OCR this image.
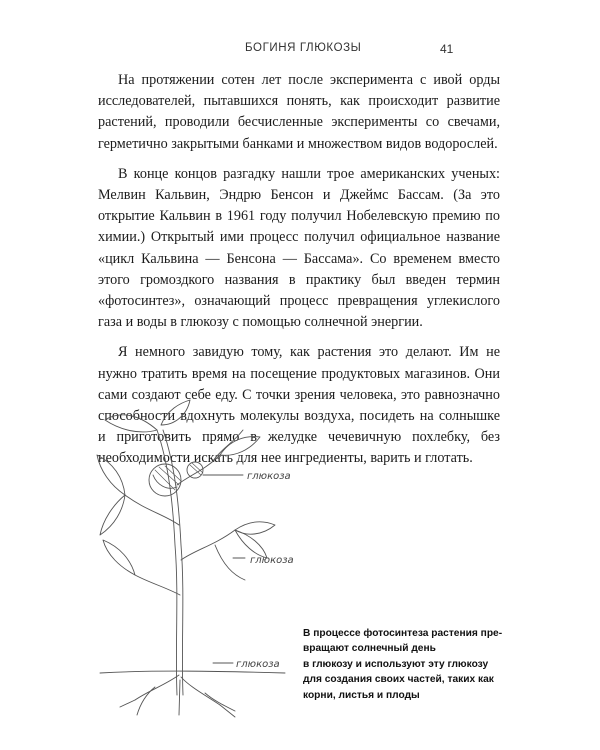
БОГИНЯ ГЛЮКОЗЫ	41

На протяжении сотен лет после эксперимента с ивой орды исследователей, пытавшихся понять, как происходит развитие растений, проводили бесчисленные эксперименты со свечами, герметично закрытыми банками и множеством видов водорослей.

В конце концов разгадку нашли трое американских ученых: Мелвин Кальвин, Эндрю Бенсон и Джеймс Бассам. (За это открытие Кальвин в 1961 году получил Нобелевскую премию по химии.) Открытый ими процесс получил официальное название «цикл Кальвина — Бенсона — Бассама». Со временем вместо этого громоздкого названия в практику был введен термин «фотосинтез», означающий процесс превращения углекислого газа и воды в глюкозу с помощью солнечной энергии.

Я немного завидую тому, как растения это делают. Им не нужно тратить время на посещение продуктовых магазинов. Они сами создают себе еду. С точки зрения человека, это равнозначно способности вдохнуть молекулы воздуха, посидеть на солнышке и приготовить прямо в желудке чечевичную похлебку, без необходимости искать для нее ингредиенты, варить и глотать.

глюкоза
глюкоза
глюкоза
В процессе фотосинтеза растения пре-
вращают солнечный день
в глюкозу и используют эту глюкозу
для создания своих частей, таких как
корни, листья и плоды
